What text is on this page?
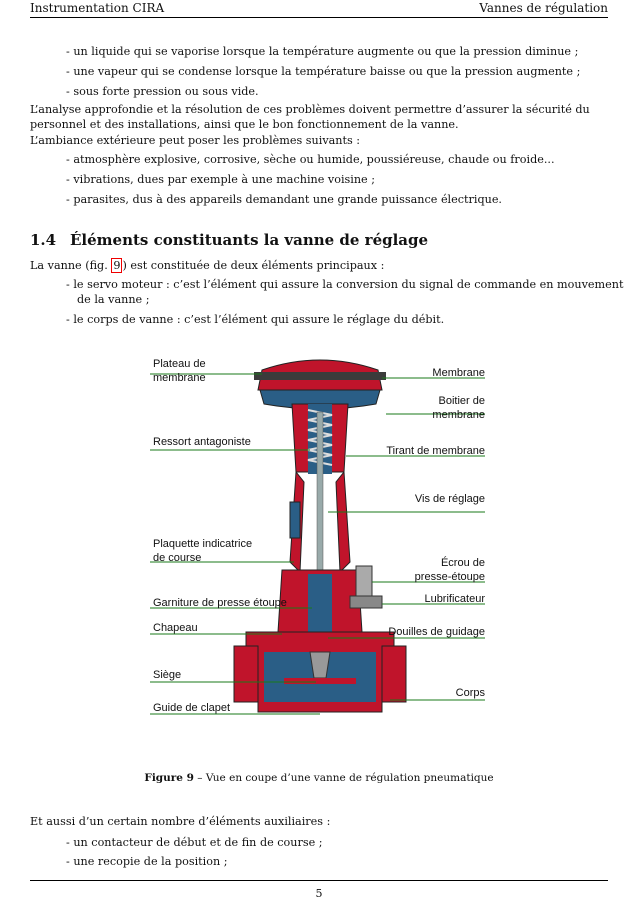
Instrumentation CIRA	Vannes de régulation
- un liquide qui se vaporise lorsque la température augmente ou que la pression diminue ;
- une vapeur qui se condense lorsque la température baisse ou que la pression augmente ;
- sous forte pression ou sous vide.
L’analyse approfondie et la résolution de ces problèmes doivent permettre d’assurer la sécurité du personnel et des installations, ainsi que le bon fonctionnement de la vanne.
L’ambiance extérieure peut poser les problèmes suivants :
- atmosphère explosive, corrosive, sèche ou humide, poussiéreuse, chaude ou froide...
- vibrations, dues par exemple à une machine voisine ;
- parasites, dus à des appareils demandant une grande puissance électrique.
1.4 Éléments constituants la vanne de réglage
La vanne (fig. 9 ) est constituée de deux éléments principaux :
- le servo moteur : c’est l’élément qui assure la conversion du signal de commande en mouvement
de la vanne ;
- le corps de vanne : c’est l’élément qui assure le réglage du débit.
Plateau de
membrane
Ressort antagoniste
Plaquette indicatrice
de course
Garniture de presse étoupe
Chapeau
Siège
Guide de clapet
Membrane
Boitier de
membrane
Tirant de membrane
Vis de réglage
Écrou de
presse-étoupe
Lubrificateur
Douilles de guidage
Corps
Figure 9 – Vue en coupe d’une vanne de régulation pneumatique
Et aussi d’un certain nombre d’éléments auxiliaires :
- un contacteur de début et de fin de course ;
- une recopie de la position ;
5
